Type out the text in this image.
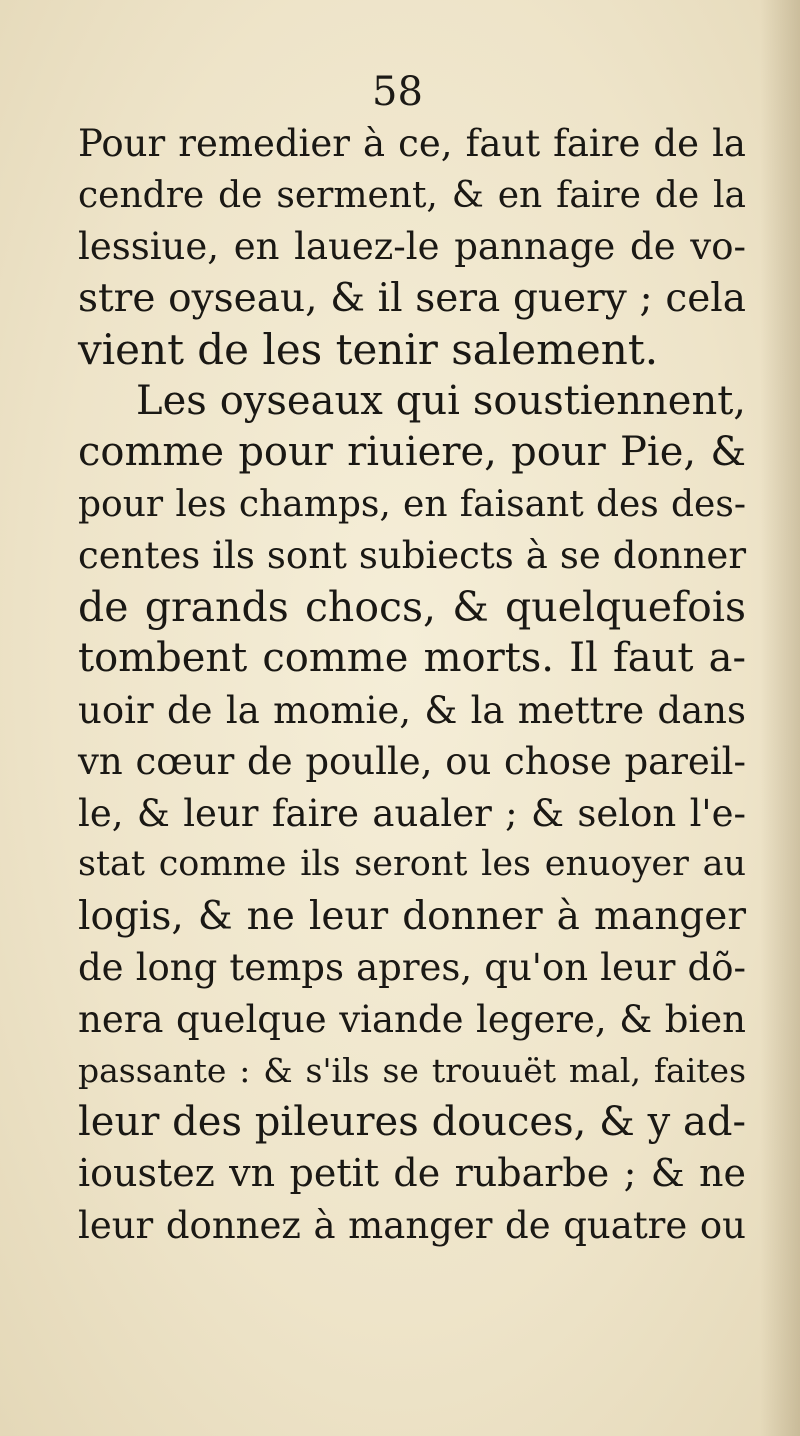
58
Pour remedier à ce, faut faire de la
cendre de serment, & en faire de la
lessiue, en lauez-le pannage de vo-
stre oyseau, & il sera guery ; cela
vient de les tenir salement.
Les oyseaux qui soustiennent,
comme pour riuiere, pour Pie, &
pour les champs, en faisant des des-
centes ils sont subiects à se donner
de grands chocs, & quelquefois
tombent comme morts. Il faut a-
uoir de la momie, & la mettre dans
vn cœur de poulle, ou chose pareil-
le, & leur faire aualer ; & selon l'e-
stat comme ils seront les enuoyer au
logis, & ne leur donner à manger
de long temps apres, qu'on leur dõ-
nera quelque viande legere, & bien
passante : & s'ils se trouuët mal, faites
leur des pileures douces, & y ad-
ioustez vn petit de rubarbe ; & ne
leur donnez à manger de quatre ou
